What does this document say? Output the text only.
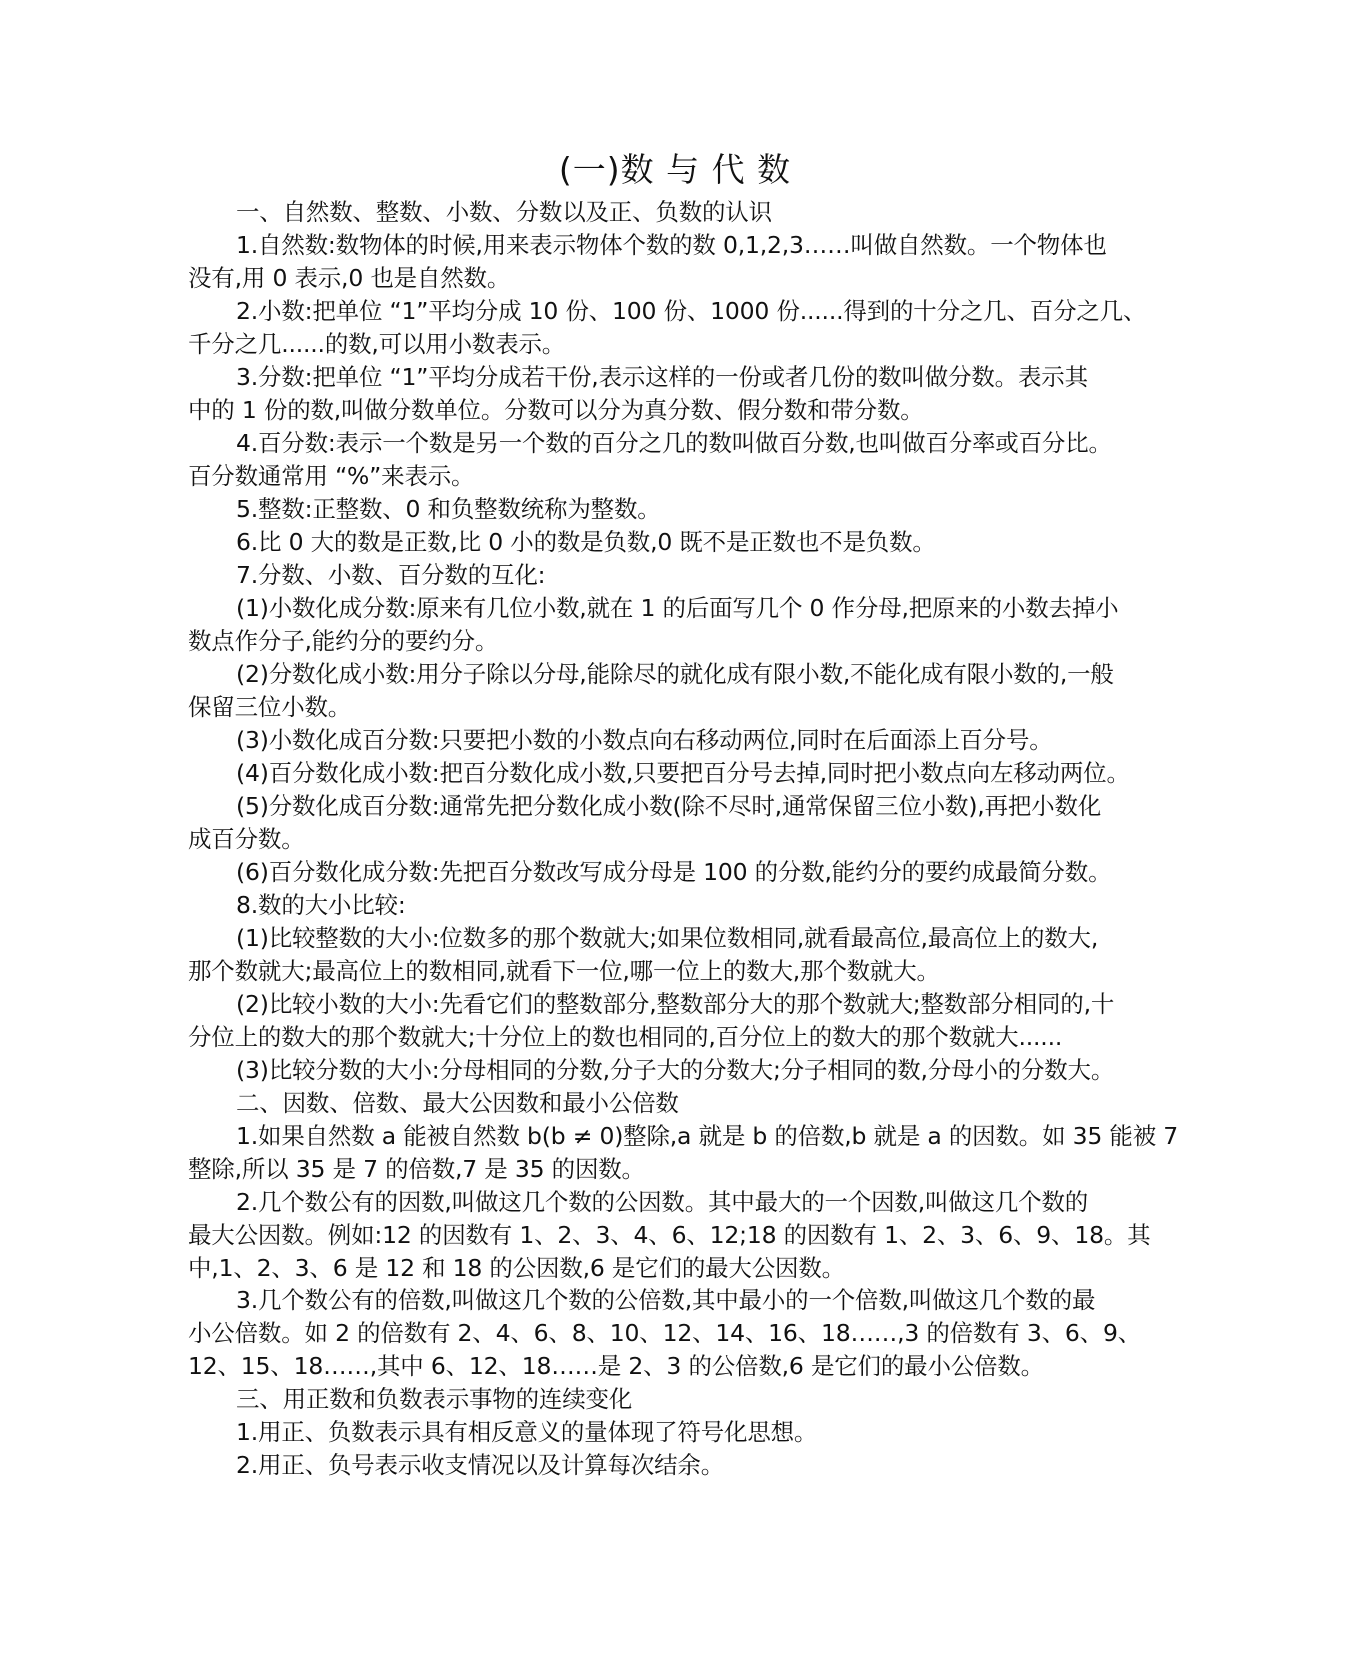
(一)数 与 代 数
一、自然数、整数、小数、分数以及正、负数的认识
1.自然数:数物体的时候,用来表示物体个数的数 0,1,2,3……叫做自然数。一个物体也
没有,用 0 表示,0 也是自然数。
2.小数:把单位 “1”平均分成 10 份、100 份、1000 份......得到的十分之几、百分之几、
千分之几......的数,可以用小数表示。
3.分数:把单位 “1”平均分成若干份,表示这样的一份或者几份的数叫做分数。表示其
中的 1 份的数,叫做分数单位。分数可以分为真分数、假分数和带分数。
4.百分数:表示一个数是另一个数的百分之几的数叫做百分数,也叫做百分率或百分比。
百分数通常用 “%”来表示。
5.整数:正整数、0 和负整数统称为整数。
6.比 0 大的数是正数,比 0 小的数是负数,0 既不是正数也不是负数。
7.分数、小数、百分数的互化:
(1)小数化成分数:原来有几位小数,就在 1 的后面写几个 0 作分母,把原来的小数去掉小
数点作分子,能约分的要约分。
(2)分数化成小数:用分子除以分母,能除尽的就化成有限小数,不能化成有限小数的,一般
保留三位小数。
(3)小数化成百分数:只要把小数的小数点向右移动两位,同时在后面添上百分号。
(4)百分数化成小数:把百分数化成小数,只要把百分号去掉,同时把小数点向左移动两位。
(5)分数化成百分数:通常先把分数化成小数(除不尽时,通常保留三位小数),再把小数化
成百分数。
(6)百分数化成分数:先把百分数改写成分母是 100 的分数,能约分的要约成最简分数。
8.数的大小比较:
(1)比较整数的大小:位数多的那个数就大;如果位数相同,就看最高位,最高位上的数大,
那个数就大;最高位上的数相同,就看下一位,哪一位上的数大,那个数就大。
(2)比较小数的大小:先看它们的整数部分,整数部分大的那个数就大;整数部分相同的,十
分位上的数大的那个数就大;十分位上的数也相同的,百分位上的数大的那个数就大......
(3)比较分数的大小:分母相同的分数,分子大的分数大;分子相同的数,分母小的分数大。
二、因数、倍数、最大公因数和最小公倍数
1.如果自然数 a 能被自然数 b(b ≠ 0)整除,a 就是 b 的倍数,b 就是 a 的因数。如 35 能被 7
整除,所以 35 是 7 的倍数,7 是 35 的因数。
2.几个数公有的因数,叫做这几个数的公因数。其中最大的一个因数,叫做这几个数的
最大公因数。例如:12 的因数有 1、2、3、4、6、12;18 的因数有 1、2、3、6、9、18。其
中,1、2、3、6 是 12 和 18 的公因数,6 是它们的最大公因数。
3.几个数公有的倍数,叫做这几个数的公倍数,其中最小的一个倍数,叫做这几个数的最
小公倍数。如 2 的倍数有 2、4、6、8、10、12、14、16、18……,3 的倍数有 3、6、9、
12、15、18……,其中 6、12、18……是 2、3 的公倍数,6 是它们的最小公倍数。
三、用正数和负数表示事物的连续变化
1.用正、负数表示具有相反意义的量体现了符号化思想。
2.用正、负号表示收支情况以及计算每次结余。
